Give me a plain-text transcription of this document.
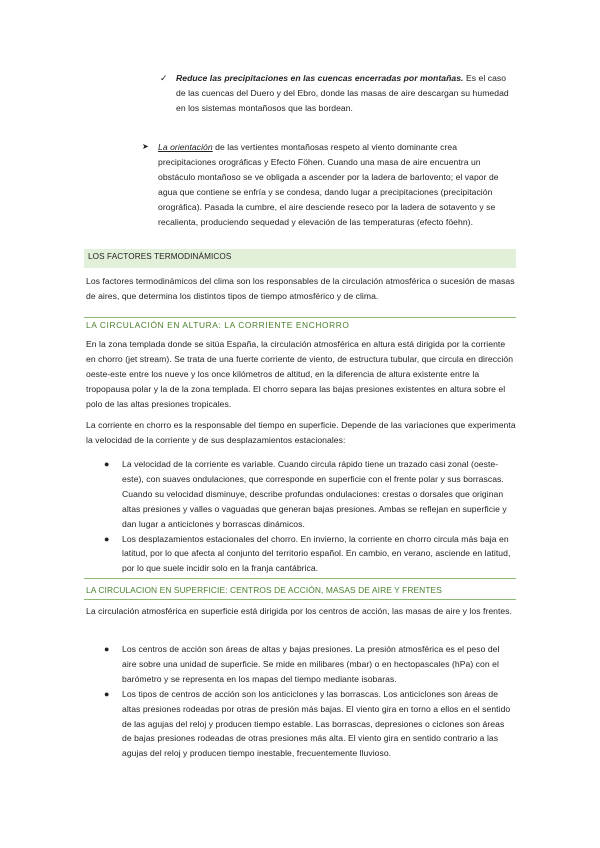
✓ Reduce las precipitaciones en las cuencas encerradas por montañas. Es el caso de las cuencas del Duero y del Ebro, donde las masas de aire descargan su humedad en los sistemas montañosos que las bordean.
➤ La orientación de las vertientes montañosas respeto al viento dominante crea precipitaciones orográficas y Efecto Föhen. Cuando una masa de aire encuentra un obstáculo montañoso se ve obligada a ascender por la ladera de barlovento; el vapor de agua que contiene se enfría y se condesa, dando lugar a precipitaciones (precipitación orográfica). Pasada la cumbre, el aire desciende reseco por la ladera de sotavento y se recalienta, produciendo sequedad y elevación de las temperaturas (efecto föehn).
LOS FACTORES TERMODINÁMICOS
Los factores termodinámicos del clima son los responsables de la circulación atmosférica o sucesión de masas de aires, que determina los distintos tipos de tiempo atmosférico y de clima.
LA CIRCULACIÓN EN ALTURA: LA CORRIENTE ENCHORRO
En la zona templada donde se sitúa España, la circulación atmosférica en altura está dirigida por la corriente en chorro (jet stream). Se trata de una fuerte corriente de viento, de estructura tubular, que circula en dirección oeste-este entre los nueve y los once kilómetros de altitud, en la diferencia de altura existente entre la tropopausa polar y la de la zona templada. El chorro separa las bajas presiones existentes en altura sobre el polo de las altas presiones tropicales.
La corriente en chorro es la responsable del tiempo en superficie. Depende de las variaciones que experimenta la velocidad de la corriente y de sus desplazamientos estacionales:
● La velocidad de la corriente es variable. Cuando circula rápido tiene un trazado casi zonal (oeste-este), con suaves ondulaciones, que corresponde en superficie con el frente polar y sus borrascas. Cuando su velocidad disminuye, describe profundas ondulaciones: crestas o dorsales que originan altas presiones y valles o vaguadas que generan bajas presiones. Ambas se reflejan en superficie y dan lugar a anticiclones y borrascas dinámicos.
● Los desplazamientos estacionales del chorro. En invierno, la corriente en chorro circula más baja en latitud, por lo que afecta al conjunto del territorio español. En cambio, en verano, asciende en latitud, por lo que suele incidir solo en la franja cantábrica.
LA CIRCULACION EN SUPERFICIE: CENTROS DE ACCIÓN, MASAS DE AIRE Y FRENTES
La circulación atmosférica en superficie está dirigida por los centros de acción, las masas de aire y los frentes.
● Los centros de acción son áreas de altas y bajas presiones. La presión atmosférica es el peso del aire sobre una unidad de superficie. Se mide en milibares (mbar) o en hectopascales (hPa) con el barómetro y se representa en los mapas del tiempo mediante isobaras.
● Los tipos de centros de acción son los anticiclones y las borrascas. Los anticiclones son áreas de altas presiones rodeadas por otras de presión más bajas. El viento gira en torno a ellos en el sentido de las agujas del reloj y producen tiempo estable. Las borrascas, depresiones o ciclones son áreas de bajas presiones rodeadas de otras presiones más alta. El viento gira en sentido contrario a las agujas del reloj y producen tiempo inestable, frecuentemente lluvioso.
